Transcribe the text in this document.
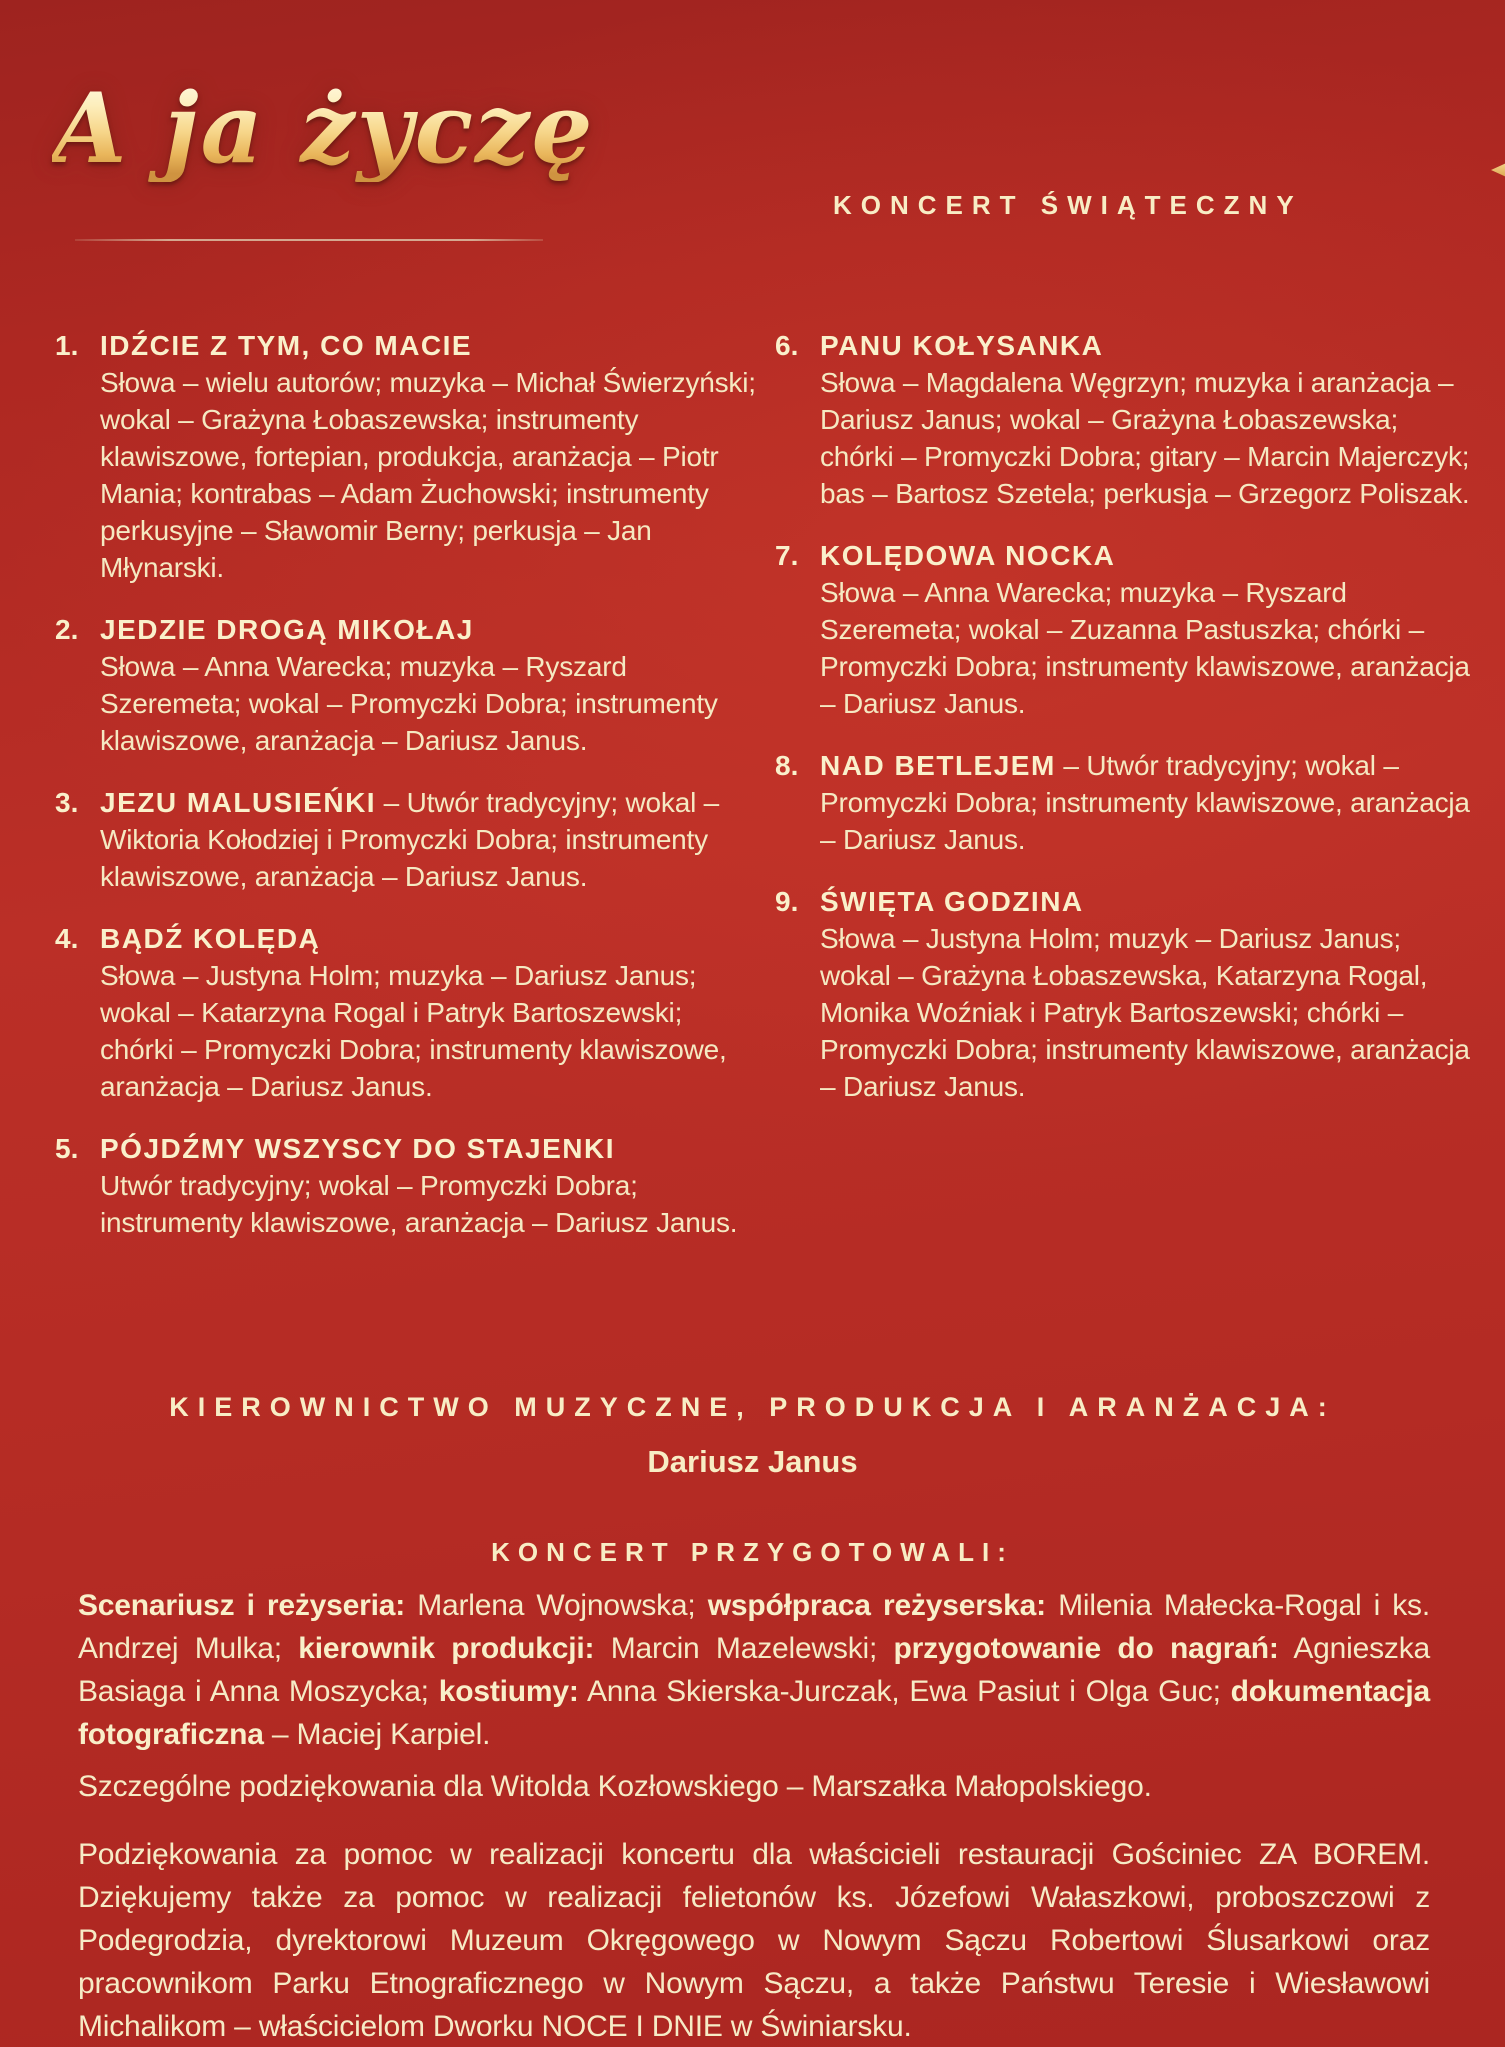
A ja życzę Ci...
KONCERT ŚWIĄTECZNY
1. IDŹCIE Z TYM, CO MACIE
Słowa – wielu autorów; muzyka – Michał Świerzyński; wokal – Grażyna Łobaszewska; instrumenty klawiszowe, fortepian, produkcja, aranżacja – Piotr Mania; kontrabas – Adam Żuchowski; instrumenty perkusyjne – Sławomir Berny; perkusja – Jan Młynarski.
2. JEDZIE DROGĄ MIKOŁAJ
Słowa – Anna Warecka; muzyka – Ryszard Szeremeta; wokal – Promyczki Dobra; instrumenty klawiszowe, aranżacja – Dariusz Janus.
3. JEZU MALUSIEŃKI – Utwór tradycyjny; wokal – Wiktoria Kołodziej i Promyczki Dobra; instrumenty klawiszowe, aranżacja – Dariusz Janus.
4. BĄDŹ KOLĘDĄ
Słowa – Justyna Holm; muzyka – Dariusz Janus; wokal – Katarzyna Rogal i Patryk Bartoszewski; chórki – Promyczki Dobra; instrumenty klawiszowe, aranżacja – Dariusz Janus.
5. PÓJDŹMY WSZYSCY DO STAJENKI
Utwór tradycyjny; wokal – Promyczki Dobra; instrumenty klawiszowe, aranżacja – Dariusz Janus.
6. PANU KOŁYSANKA
Słowa – Magdalena Węgrzyn; muzyka i aranżacja – Dariusz Janus; wokal – Grażyna Łobaszewska; chórki – Promyczki Dobra; gitary – Marcin Majerczyk; bas – Bartosz Szetela; perkusja – Grzegorz Poliszak.
7. KOLĘDOWA NOCKA
Słowa – Anna Warecka; muzyka – Ryszard Szeremeta; wokal – Zuzanna Pastuszka; chórki – Promyczki Dobra; instrumenty klawiszowe, aranżacja – Dariusz Janus.
8. NAD BETLEJEM – Utwór tradycyjny; wokal – Promyczki Dobra; instrumenty klawiszowe, aranżacja – Dariusz Janus.
9. ŚWIĘTA GODZINA
Słowa – Justyna Holm; muzyk – Dariusz Janus; wokal – Grażyna Łobaszewska, Katarzyna Rogal, Monika Woźniak i Patryk Bartoszewski; chórki – Promyczki Dobra; instrumenty klawiszowe, aranżacja – Dariusz Janus.
KIEROWNICTWO MUZYCZNE, PRODUKCJA I ARANŻACJA:
Dariusz Janus
KONCERT PRZYGOTOWALI:
Scenariusz i reżyseria: Marlena Wojnowska; współpraca reżyserska: Milenia Małecka-Rogal i ks. Andrzej Mulka; kierownik produkcji: Marcin Mazelewski; przygotowanie do nagrań: Agnieszka Basiaga i Anna Moszycka; kostiumy: Anna Skierska-Jurczak, Ewa Pasiut i Olga Guc; dokumentacja fotograficzna – Maciej Karpiel.
Szczególne podziękowania dla Witolda Kozłowskiego – Marszałka Małopolskiego.
Podziękowania za pomoc w realizacji koncertu dla właścicieli restauracji Gościniec ZA BOREM. Dziękujemy także za pomoc w realizacji felietonów ks. Józefowi Wałaszkowi, proboszczowi z Podegrodzia, dyrektorowi Muzeum Okręgowego w Nowym Sączu Robertowi Ślusarkowi oraz pracownikom Parku Etnograficznego w Nowym Sączu, a także Państwu Teresie i Wiesławowi Michalikom – właścicielom Dworku NOCE I DNIE w Świniarsku.
